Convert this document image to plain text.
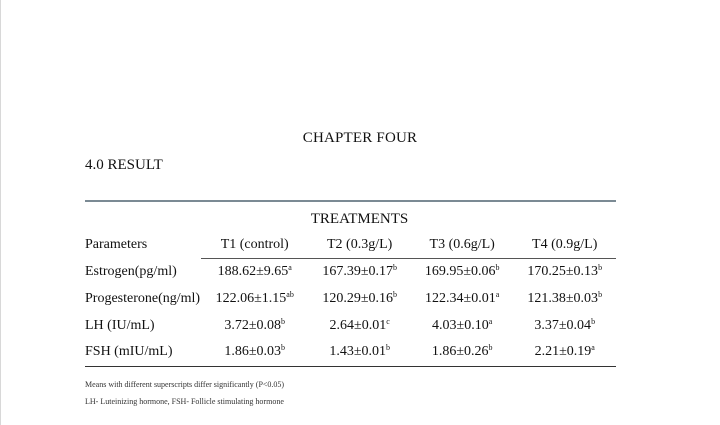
CHAPTER FOUR
4.0 RESULT
TREATMENTS
Parameters	T1 (control)	T2 (0.3g/L)	T3 (0.6g/L)	T4 (0.9g/L)
Estrogen(pg/ml)	188.62±9.65$^a$	167.39±0.17$^b$	169.95±0.06$^b$	170.25±0.13$^b$
Progesterone(ng/ml)	122.06±1.15$^{ab}$	120.29±0.16$^b$	122.34±0.01$^a$	121.38±0.03$^b$
LH (IU/mL)	3.72±0.08$^b$	2.64±0.01$^c$	4.03±0.10$^a$	3.37±0.04$^b$
FSH (mIU/mL)	1.86±0.03$^b$	1.43±0.01$^b$	1.86±0.26$^b$	2.21±0.19$^a$
Means with different superscripts differ significantly (P<0.05)
LH- Luteinizing hormone, FSH- Follicle stimulating hormone
